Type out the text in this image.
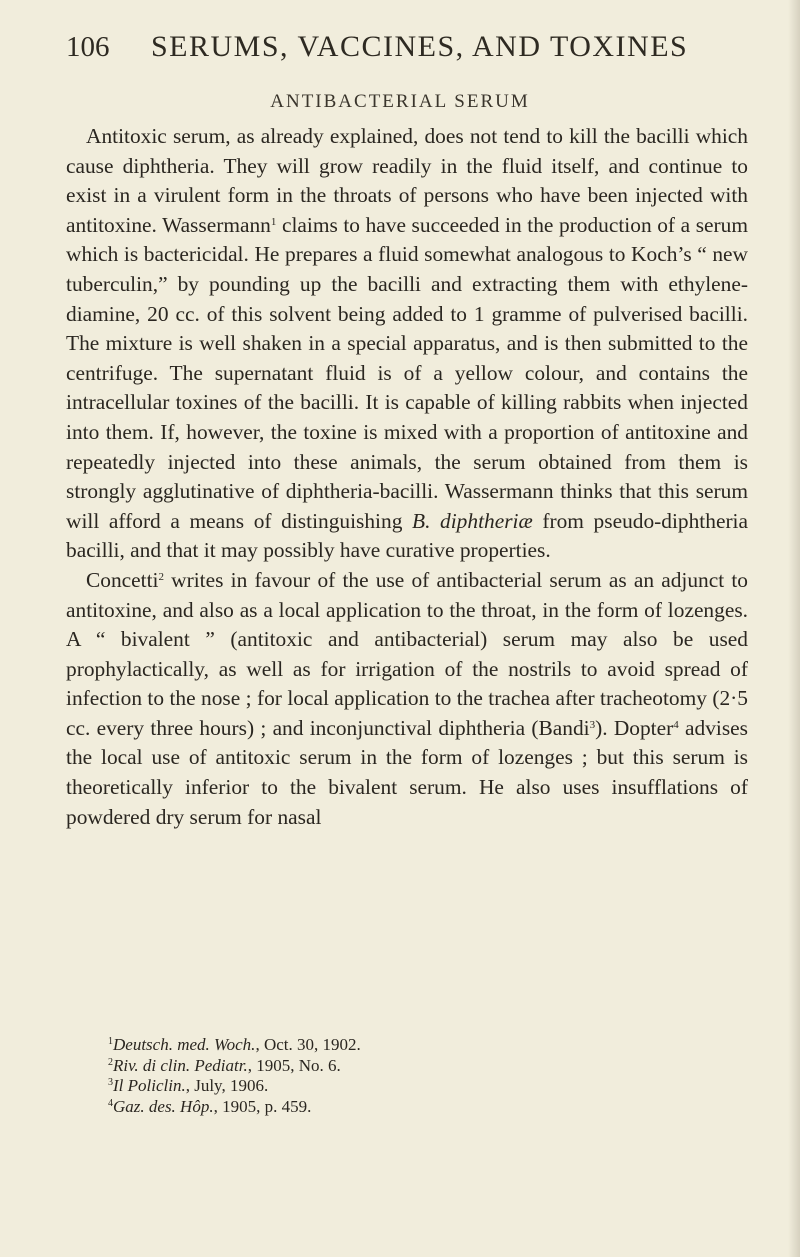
106	SERUMS, VACCINES, AND TOXINES
ANTIBACTERIAL SERUM

Antitoxic serum, as already explained, does not tend to kill the bacilli which cause diphtheria. They will grow readily in the fluid itself, and continue to exist in a virulent form in the throats of persons who have been injected with antitoxine. Wassermann$^1$ claims to have succeeded in the production of a serum which is bactericidal. He prepares a fluid somewhat analogous to Koch’s “ new tuberculin,” by pounding up the bacilli and extracting them with ethylene-diamine, 20 cc. of this solvent being added to 1 gramme of pulverised bacilli. The mixture is well shaken in a special apparatus, and is then submitted to the centrifuge. The supernatant fluid is of a yellow colour, and contains the intracellular toxines of the bacilli. It is capable of killing rabbits when injected into them. If, however, the toxine is mixed with a proportion of antitoxine and repeatedly injected into these animals, the serum obtained from them is strongly agglutinative of diphtheria-bacilli. Wassermann thinks that this serum will afford a means of distinguishing B. diphtheriæ from pseudo-diphtheria bacilli, and that it may possibly have curative properties.

Concetti$^2$ writes in favour of the use of antibacterial serum as an adjunct to antitoxine, and also as a local application to the throat, in the form of lozenges. A “ bivalent ” (antitoxic and antibacterial) serum may also be used prophylactically, as well as for irrigation of the nostrils to avoid spread of infection to the nose ; for local application to the trachea after tracheotomy (2·5 cc. every three hours) ; and inconjunctival diphtheria (Bandi$^3$). Dopter$^4$ advises the local use of antitoxic serum in the form of lozenges ; but this serum is theoretically inferior to the bivalent serum. He also uses insufflations of powdered dry serum for nasal

$^1$Deutsch. med. Woch., Oct. 30, 1902.
$^2$Riv. di clin. Pediatr., 1905, No. 6.
$^3$Il Policlin., July, 1906.
$^4$Gaz. des. Hôp., 1905, p. 459.
